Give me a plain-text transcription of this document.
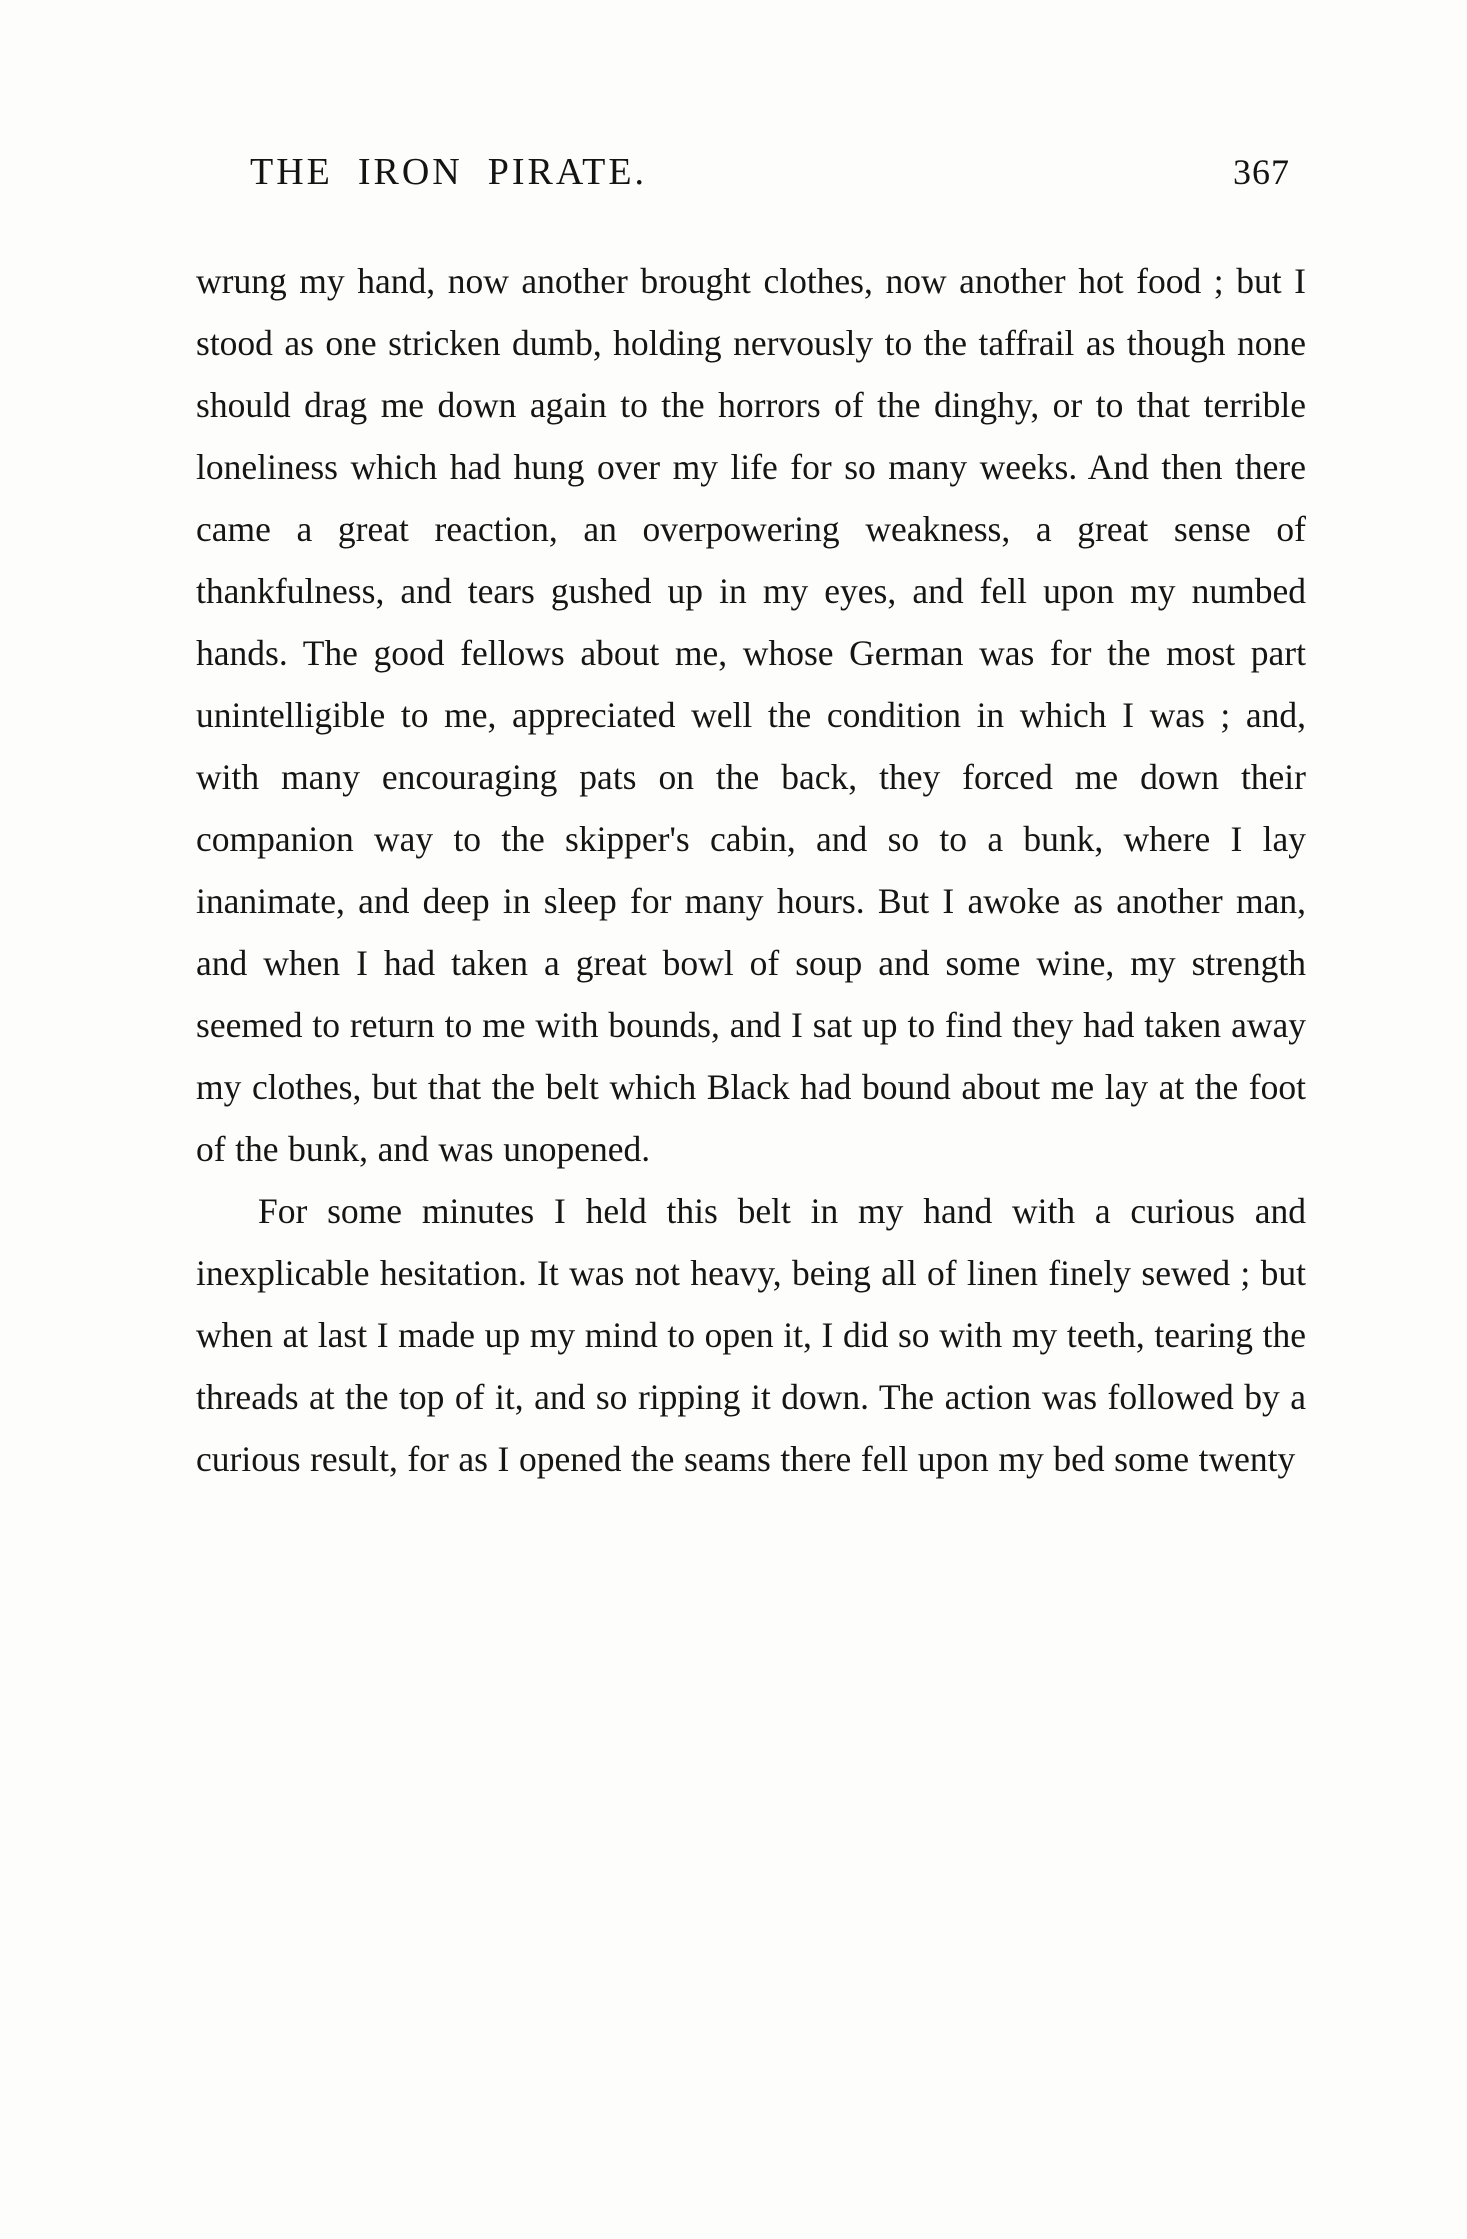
THE  IRON  PIRATE.	367

wrung my hand, now another brought clothes, now another hot food ; but I stood as one stricken dumb, holding nervously to the taffrail as though none should drag me down again to the horrors of the dinghy, or to that terrible loneliness which had hung over my life for so many weeks. And then there came a great reaction, an overpowering weakness, a great sense of thankfulness, and tears gushed up in my eyes, and fell upon my numbed hands. The good fellows about me, whose German was for the most part unintelligible to me, appreciated well the condition in which I was ; and, with many encouraging pats on the back, they forced me down their companion way to the skipper's cabin, and so to a bunk, where I lay inanimate, and deep in sleep for many hours. But I awoke as another man, and when I had taken a great bowl of soup and some wine, my strength seemed to return to me with bounds, and I sat up to find they had taken away my clothes, but that the belt which Black had bound about me lay at the foot of the bunk, and was unopened.

For some minutes I held this belt in my hand with a curious and inexplicable hesitation. It was not heavy, being all of linen finely sewed ; but when at last I made up my mind to open it, I did so with my teeth, tearing the threads at the top of it, and so ripping it down. The action was followed by a curious result, for as I opened the seams there fell upon my bed some twenty
